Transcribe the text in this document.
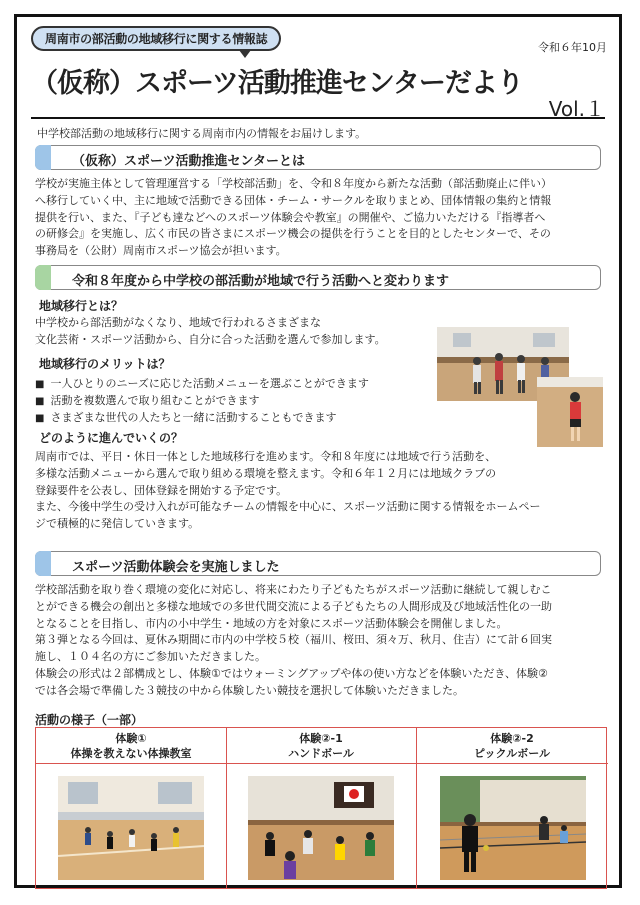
周南市の部活動の地域移行に関する情報誌
令和６年10月
（仮称）スポーツ活動推進センターだより
Vol.１
中学校部活動の地域移行に関する周南市内の情報をお届けします。
（仮称）スポーツ活動推進センターとは
学校が実施主体として管理運営する「学校部活動」を、令和８年度から新たな活動（部活動廃止に伴い）
へ移行していく中、主に地域で活動できる団体・チーム・サークルを取りまとめ、団体情報の集約と情報
提供を行い、また、『子ども達などへのスポーツ体験会や教室』の開催や、ご協力いただける『指導者へ
の研修会』を実施し、広く市民の皆さまにスポーツ機会の提供を行うことを目的としたセンターで、その
事務局を（公財）周南市スポーツ協会が担います。
令和８年度から中学校の部活動が地域で行う活動へと変わります
地域移行とは？
中学校から部活動がなくなり、地域で行われるさまざまな
文化芸術・スポーツ活動から、自分に合った活動を選んで参加します。
地域移行のメリットは？
■ 一人ひとりのニーズに応じた活動メニューを選ぶことができます
■ 活動を複数選んで取り組むことができます
■ さまざまな世代の人たちと一緒に活動することもできます
どのように進んでいくの？
周南市では、平日・休日一体とした地域移行を進めます。令和８年度には地域で行う活動を、
多様な活動メニューから選んで取り組める環境を整えます。令和６年１２月には地域クラブの
登録要件を公表し、団体登録を開始する予定です。
また、今後中学生の受け入れが可能なチームの情報を中心に、スポーツ活動に関する情報をホームペー
ジで積極的に発信していきます。
スポーツ活動体験会を実施しました
学校部活動を取り巻く環境の変化に対応し、将来にわたり子どもたちがスポーツ活動に継続して親しむこ
とができる機会の創出と多様な地域での多世代間交流による子どもたちの人間形成及び地域活性化の一助
となることを目指し、市内の小中学生・地域の方を対象にスポーツ活動体験会を開催しました。
第３弾となる今回は、夏休み期間に市内の中学校５校（福川、桜田、須々万、秋月、住吉）にて計６回実
施し、１０４名の方にご参加いただきました。
体験会の形式は２部構成とし、体験①ではウォーミングアップや体の使い方などを体験いただき、体験②
では各会場で準備した３競技の中から体験したい競技を選択して体験いただきました。
活動の様子（一部）
体験①
体操を教えない体操教室
体験②-1
ハンドボール
体験②-2
ピックルボール
